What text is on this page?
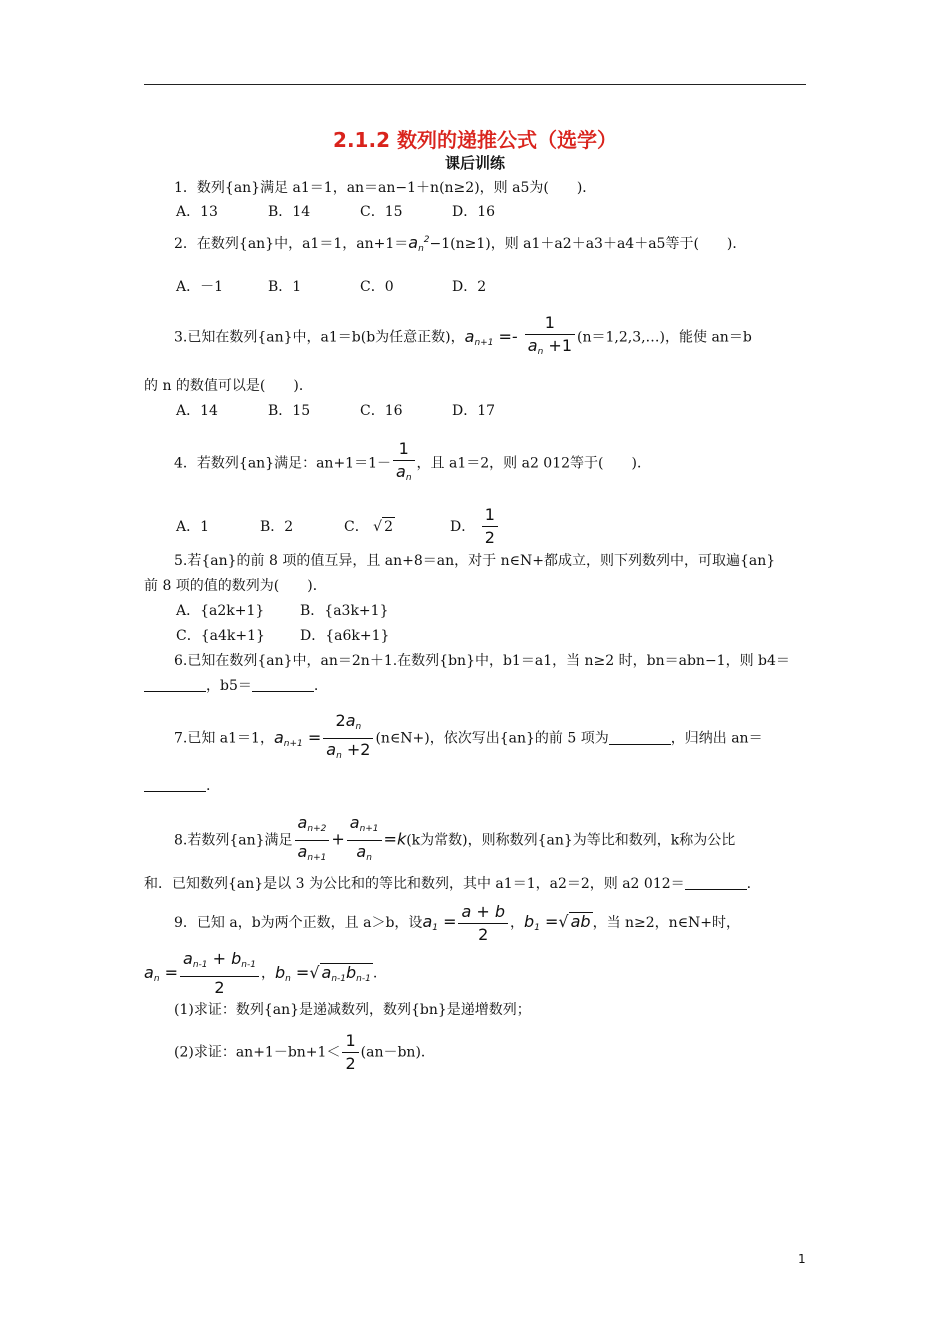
2.1.2 数列的递推公式（选学）
课后训练
1．数列{an}满足 a1＝1，an＝an−1＋n(n≥2)，则 a5为(　　)．
A．13	B．14	C．15	D．16
2．在数列{an}中，a1＝1，$an+1=a_n^2-1(n\ge 1)$，则 a1＋a2＋a3＋a4＋a5等于(　　)．
A．－1	B．1	C．0	D．2
3.已知在数列{an}中，a1＝b(b为任意正数)，$a_{n+1} =- \frac{1}{a_n +1}$ (n＝1,2,3,…)，能使 an＝b
的 n 的数值可以是(　　)．
A．14	B．15	C．16	D．17
4．若数列{an}满足：$an+1=1- \frac{1}{a_n}$ ，且 a1＝2，则 a2 012等于(　　)．
A．1	B．2	C． √ 2	D． $\frac{1}{2}$
5.若{an}的前 8 项的值互异，且 an+8＝an，对于 n∈N+都成立，则下列数列中，可取遍{an}
前 8 项的值的数列为(　　)．
A．{a2k+1}	B．{a3k+1}
C．{a4k+1}	D．{a6k+1}
6.已知在数列{an}中，an＝2n＋1.在数列{bn}中，b1＝a1，当 n≥2 时，bn＝abn−1，则 b4＝
，b5＝	.
7.已知 a1＝1，$a_{n+1} = \frac{2a_n}{a_n +2}$ (n∈N+)，依次写出{an}的前 5 项为	，归纳出 an＝
.
8.若数列{an}满足 $\frac{a_{n+2}}{a_{n+1}} + \frac{a_{n+1}}{a_n} =k(k$为常数)，则称数列{an}为等比和数列，k称为公比
和．已知数列{an}是以 3 为公比和的等比和数列，其中 a1＝1，a2＝2，则 a2 012＝	.
9．已知 a，b为两个正数，且 a＞b，设$a_1 = \frac{a + b}{2}$ ，$b_1$ =√ ab ，当 n≥2，n∈N+时，
$a_n = \frac{a_{n-1} + b_{n-1}}{2}$ ，$b_n$ =√ $a_{n-1}b_{n-1}$ .
(1)求证：数列{an}是递减数列，数列{bn}是递增数列；
(2)求证：$an+1-bn+1< \frac{1}{2} (an-bn)$．
1
